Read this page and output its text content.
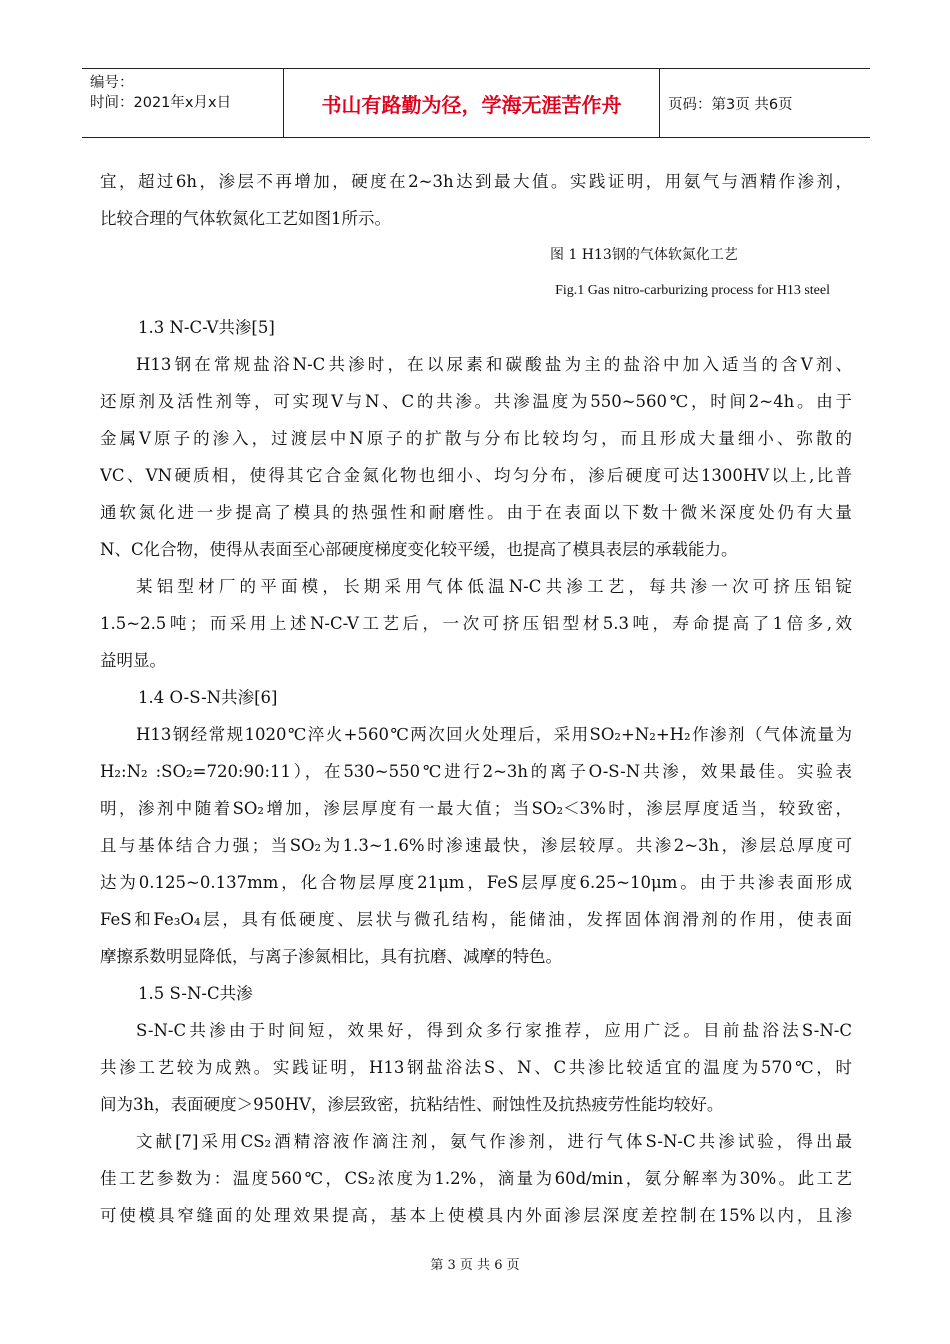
编号：
时间：2021年x月x日	书山有路勤为径，学海无涯苦作舟	页码：第3页 共6页
宜，超过6h，渗层不再增加，硬度在2~3h达到最大值。实践证明，用氨气与酒精作渗剂，
比较合理的气体软氮化工艺如图1所示。
图 1 H13钢的气体软氮化工艺
Fig.1 Gas nitro-carburizing process for H13 steel
1.3 N-C-V共渗[5]
H13钢在常规盐浴N-C共渗时，在以尿素和碳酸盐为主的盐浴中加入适当的含V剂、
还原剂及活性剂等，可实现V与N、C的共渗。共渗温度为550~560℃，时间2~4h。由于
金属V原子的渗入，过渡层中N原子的扩散与分布比较均匀，而且形成大量细小、弥散的
VC、VN硬质相，使得其它合金氮化物也细小、均匀分布，渗后硬度可达1300HV以上,比普
通软氮化进一步提高了模具的热强性和耐磨性。由于在表面以下数十微米深度处仍有大量
N、C化合物，使得从表面至心部硬度梯度变化较平缓，也提高了模具表层的承载能力。
某铝型材厂的平面模，长期采用气体低温N-C共渗工艺，每共渗一次可挤压铝锭
1.5~2.5吨；而采用上述N-C-V工艺后，一次可挤压铝型材5.3吨，寿命提高了1倍多,效
益明显。
1.4 O-S-N共渗[6]
H13钢经常规1020℃淬火+560℃两次回火处理后，采用SO₂+N₂+H₂作渗剂（气体流量为
H₂:N₂ :SO₂=720:90:11），在530~550℃进行2~3h的离子O-S-N共渗，效果最佳。实验表
明，渗剂中随着SO₂增加，渗层厚度有一最大值；当SO₂＜3%时，渗层厚度适当，较致密，
且与基体结合力强；当SO₂为1.3~1.6%时渗速最快，渗层较厚。共渗2~3h，渗层总厚度可
达为0.125~0.137mm，化合物层厚度21μm，FeS层厚度6.25~10μm。由于共渗表面形成
FeS和Fe₃O₄层，具有低硬度、层状与微孔结构，能储油，发挥固体润滑剂的作用，使表面
摩擦系数明显降低，与离子渗氮相比，具有抗磨、减摩的特色。
1.5 S-N-C共渗
S-N-C共渗由于时间短，效果好，得到众多行家推荐，应用广泛。目前盐浴法S-N-C
共渗工艺较为成熟。实践证明，H13钢盐浴法S、N、C共渗比较适宜的温度为570℃，时
间为3h，表面硬度＞950HV，渗层致密，抗粘结性、耐蚀性及抗热疲劳性能均较好。
文献[7]采用CS₂酒精溶液作滴注剂，氨气作渗剂，进行气体S-N-C共渗试验，得出最
佳工艺参数为：温度560℃，CS₂浓度为1.2%，滴量为60d/min，氨分解率为30%。此工艺
可使模具窄缝面的处理效果提高，基本上使模具内外面渗层深度差控制在15%以内，且渗
第 3 页 共 6 页
